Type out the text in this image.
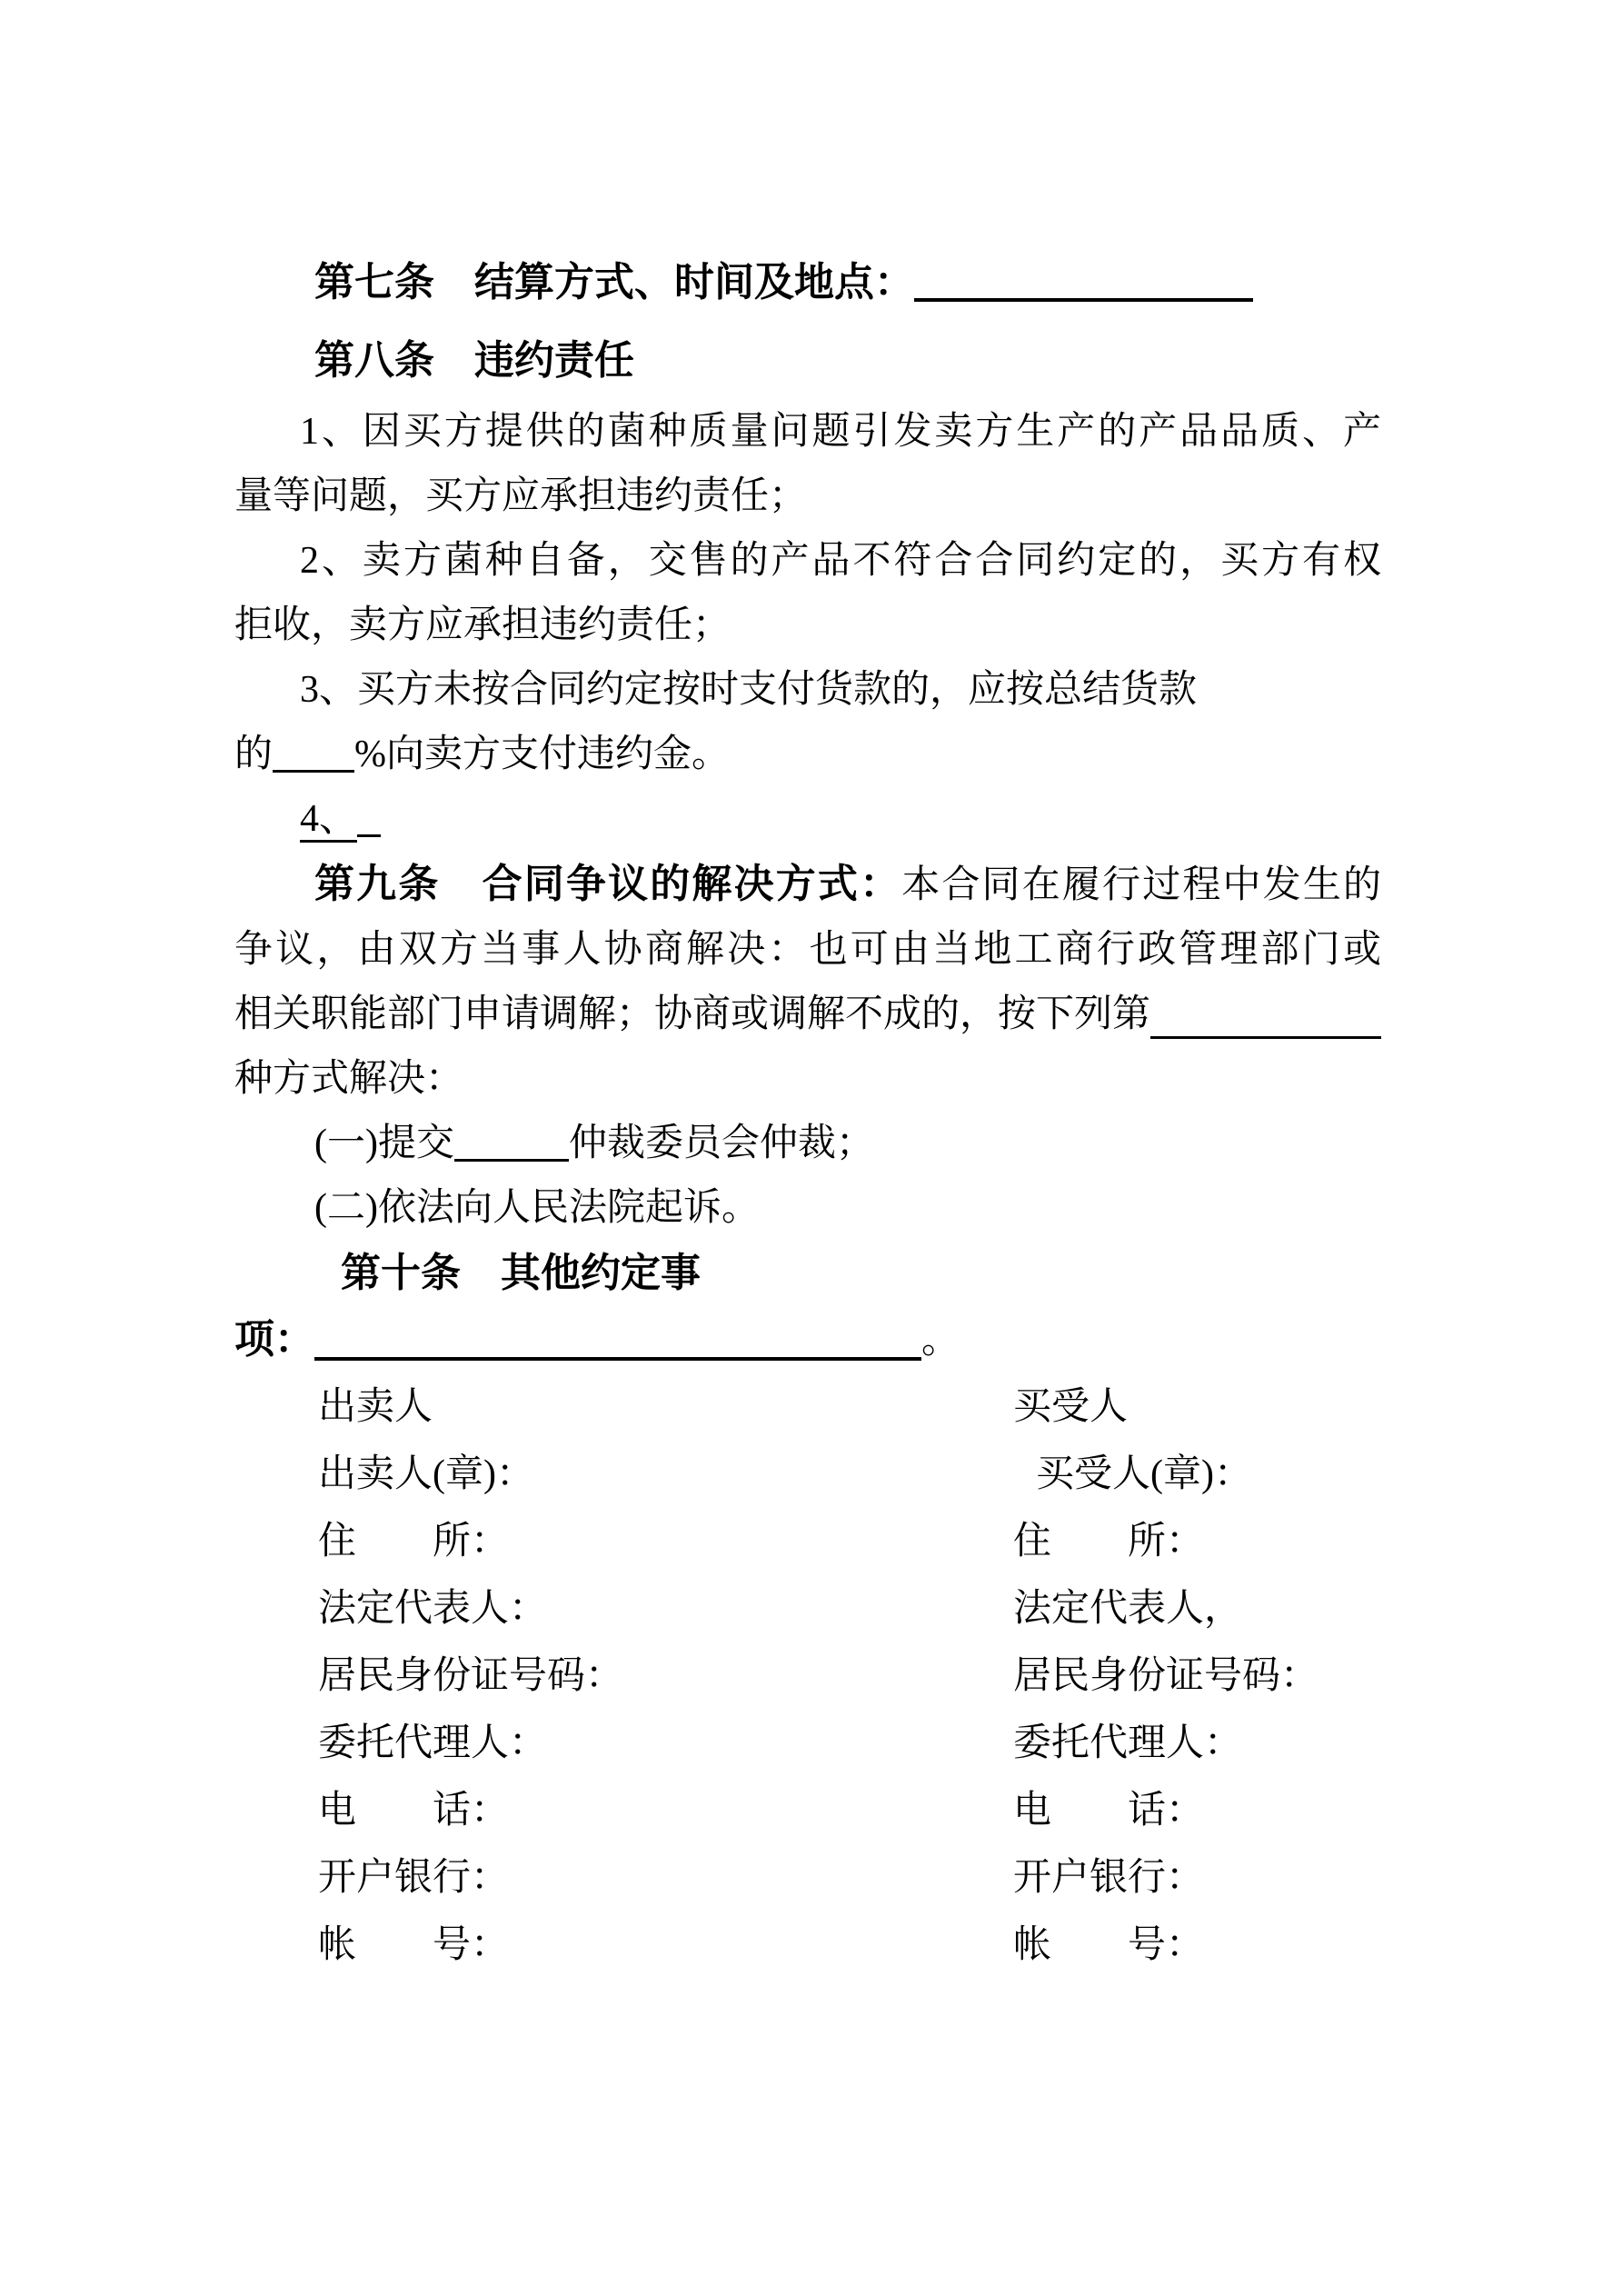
第七条　结算方式、时间及地点：
第八条　违约责任
1、因买方提供的菌种质量问题引发卖方生产的产品品质、产
量等问题，买方应承担违约责任；
2、卖方菌种自备，交售的产品不符合合同约定的，买方有权
拒收，卖方应承担违约责任；
3、买方未按合同约定按时支付货款的，应按总结货款
的 %向卖方支付违约金。
4、
第九条　合同争议的解决方式：本合同在履行过程中发生的
争议，由双方当事人协商解决：也可由当地工商行政管理部门或
相关职能部门申请调解；协商或调解不成的，按下列第
种方式解决：
(一)提交	仲裁委员会仲裁；
(二)依法向人民法院起诉。
第十条　其他约定事
项：	。
出卖人	买受人
出卖人(章)：	买受人(章)：
住　　所：	住　　所：
法定代表人：	法定代表人，
居民身份证号码：	居民身份证号码：
委托代理人：	委托代理人：
电　　话：	电　　话：
开户银行：	开户银行：
帐　　号：	帐　　号：
